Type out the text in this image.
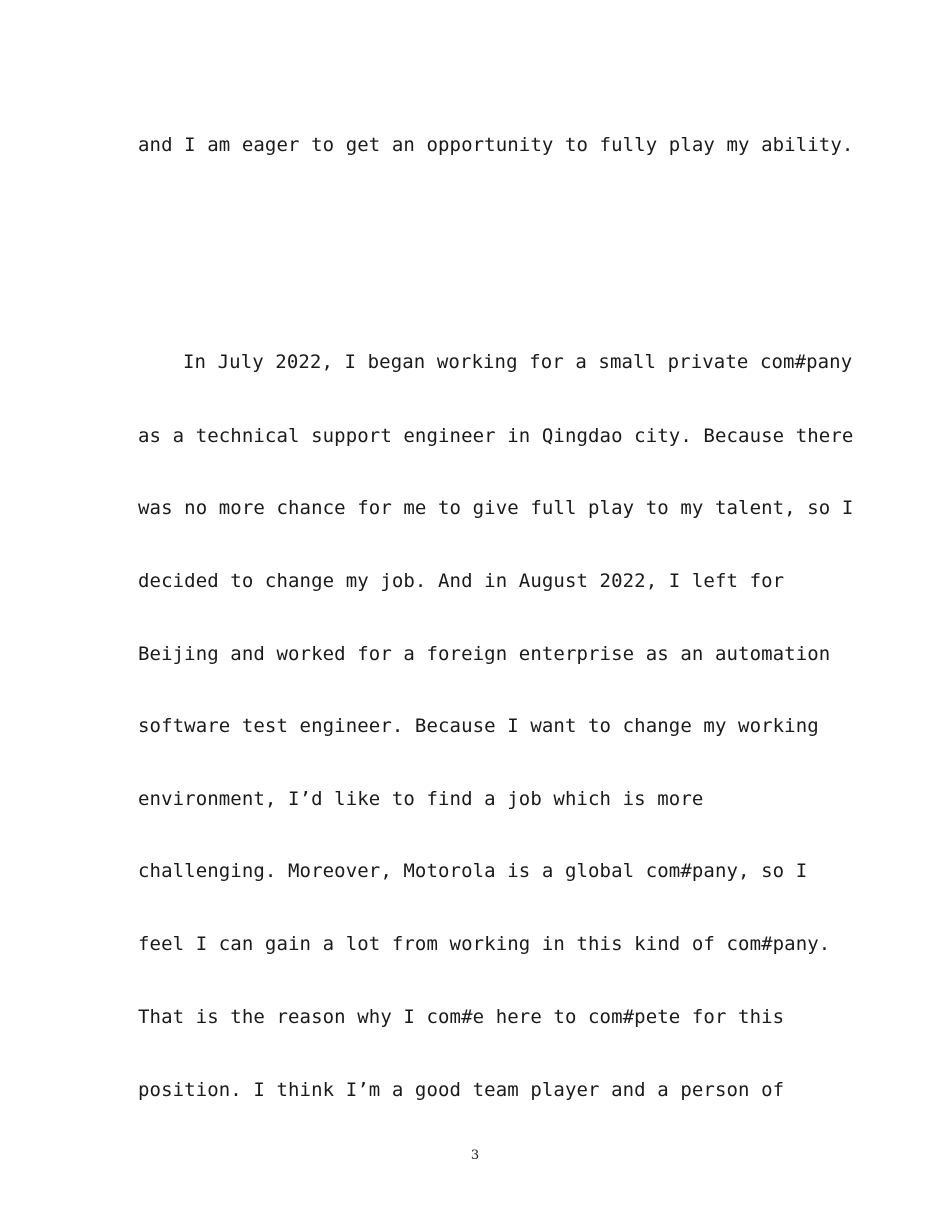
and I am eager to get an opportunity to fully play my ability.
In July 2022, I began working for a small private com#pany
as a technical support engineer in Qingdao city. Because there
was no more chance for me to give full play to my talent, so I
decided to change my job. And in August 2022, I left for
Beijing and worked for a foreign enterprise as an automation
software test engineer. Because I want to change my working
environment, I’d like to find a job which is more
challenging. Moreover, Motorola is a global com#pany, so I
feel I can gain a lot from working in this kind of com#pany.
That is the reason why I com#e here to com#pete for this
position. I think I’m a good team player and a person of
3
